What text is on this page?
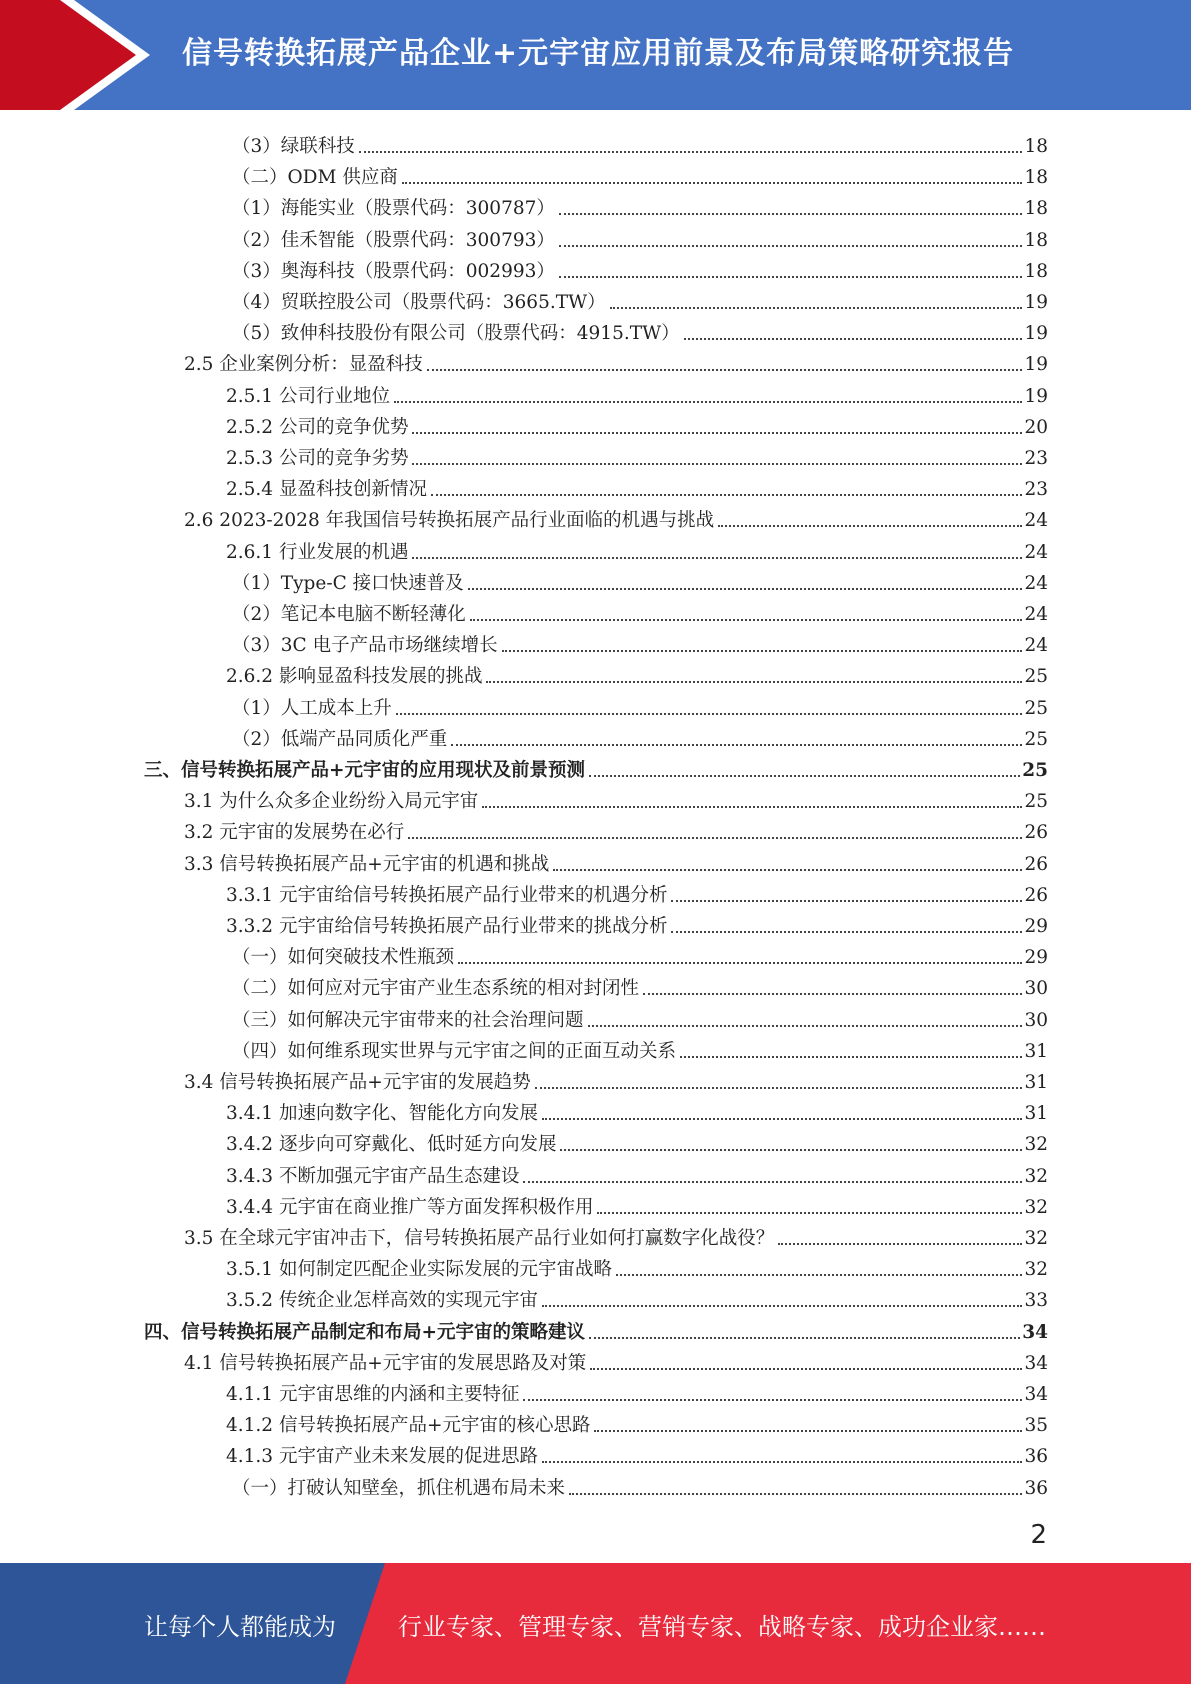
信号转换拓展产品企业+元宇宙应用前景及布局策略研究报告
（3）绿联科技	18
（二）ODM 供应商	18
（1）海能实业（股票代码：300787）	18
（2）佳禾智能（股票代码：300793）	18
（3）奥海科技（股票代码：002993）	18
（4）贸联控股公司（股票代码：3665.TW）	19
（5）致伸科技股份有限公司（股票代码：4915.TW）	19
2.5 企业案例分析：显盈科技	19
2.5.1 公司行业地位	19
2.5.2 公司的竞争优势	20
2.5.3 公司的竞争劣势	23
2.5.4 显盈科技创新情况	23
2.6 2023-2028 年我国信号转换拓展产品行业面临的机遇与挑战	24
2.6.1 行业发展的机遇	24
（1）Type-C 接口快速普及	24
（2）笔记本电脑不断轻薄化	24
（3）3C 电子产品市场继续增长	24
2.6.2 影响显盈科技发展的挑战	25
（1）人工成本上升	25
（2）低端产品同质化严重	25
三、信号转换拓展产品+元宇宙的应用现状及前景预测	25
3.1 为什么众多企业纷纷入局元宇宙	25
3.2 元宇宙的发展势在必行	26
3.3 信号转换拓展产品+元宇宙的机遇和挑战	26
3.3.1 元宇宙给信号转换拓展产品行业带来的机遇分析	26
3.3.2 元宇宙给信号转换拓展产品行业带来的挑战分析	29
（一）如何突破技术性瓶颈	29
（二）如何应对元宇宙产业生态系统的相对封闭性	30
（三）如何解决元宇宙带来的社会治理问题	30
（四）如何维系现实世界与元宇宙之间的正面互动关系	31
3.4 信号转换拓展产品+元宇宙的发展趋势	31
3.4.1 加速向数字化、智能化方向发展	31
3.4.2 逐步向可穿戴化、低时延方向发展	32
3.4.3 不断加强元宇宙产品生态建设	32
3.4.4 元宇宙在商业推广等方面发挥积极作用	32
3.5 在全球元宇宙冲击下，信号转换拓展产品行业如何打赢数字化战役？	32
3.5.1 如何制定匹配企业实际发展的元宇宙战略	32
3.5.2 传统企业怎样高效的实现元宇宙	33
四、信号转换拓展产品制定和布局+元宇宙的策略建议	34
4.1 信号转换拓展产品+元宇宙的发展思路及对策	34
4.1.1 元宇宙思维的内涵和主要特征	34
4.1.2 信号转换拓展产品+元宇宙的核心思路	35
4.1.3 元宇宙产业未来发展的促进思路	36
（一）打破认知壁垒，抓住机遇布局未来	36
2
让每个人都能成为	行业专家、管理专家、营销专家、战略专家、成功企业家……
